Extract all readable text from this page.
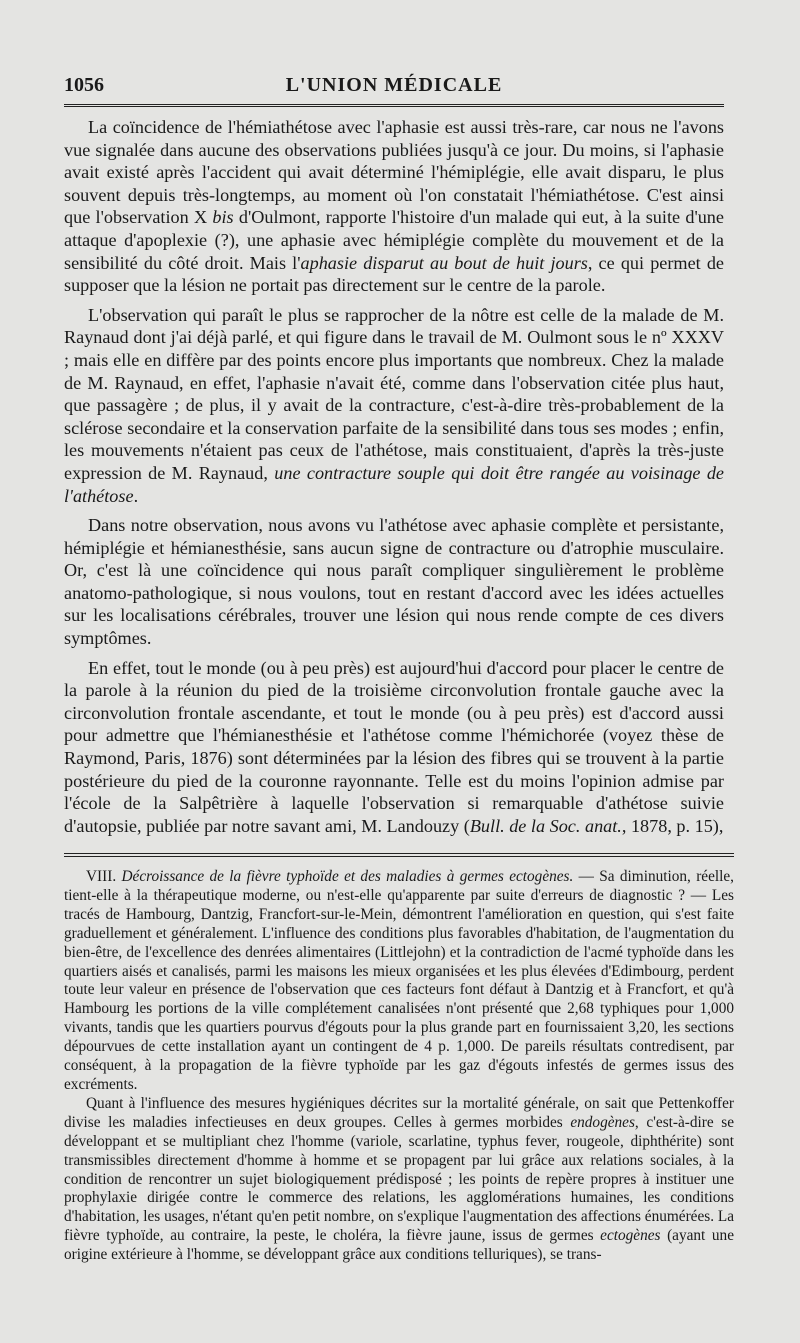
1056	L'UNION MÉDICALE

La coïncidence de l'hémiathétose avec l'aphasie est aussi très-rare, car nous ne l'avons vue signalée dans aucune des observations publiées jusqu'à ce jour. Du moins, si l'aphasie avait existé après l'accident qui avait déterminé l'hémiplégie, elle avait disparu, le plus souvent depuis très-longtemps, au moment où l'on constatait l'hémiathétose. C'est ainsi que l'observation X bis d'Oulmont, rapporte l'histoire d'un malade qui eut, à la suite d'une attaque d'apoplexie (?), une aphasie avec hémiplégie complète du mouvement et de la sensibilité du côté droit. Mais l'aphasie disparut au bout de huit jours, ce qui permet de supposer que la lésion ne portait pas directement sur le centre de la parole.

L'observation qui paraît le plus se rapprocher de la nôtre est celle de la malade de M. Raynaud dont j'ai déjà parlé, et qui figure dans le travail de M. Oulmont sous le nº XXXV ; mais elle en diffère par des points encore plus importants que nombreux. Chez la malade de M. Raynaud, en effet, l'aphasie n'avait été, comme dans l'observation citée plus haut, que passagère ; de plus, il y avait de la contracture, c'est-à-dire très-probablement de la sclérose secondaire et la conservation parfaite de la sensibilité dans tous ses modes ; enfin, les mouvements n'étaient pas ceux de l'athétose, mais constituaient, d'après la très-juste expression de M. Raynaud, une contracture souple qui doit être rangée au voisinage de l'athétose.

Dans notre observation, nous avons vu l'athétose avec aphasie complète et persistante, hémiplégie et hémianesthésie, sans aucun signe de contracture ou d'atrophie musculaire. Or, c'est là une coïncidence qui nous paraît compliquer singulièrement le problème anatomo-pathologique, si nous voulons, tout en restant d'accord avec les idées actuelles sur les localisations cérébrales, trouver une lésion qui nous rende compte de ces divers symptômes.

En effet, tout le monde (ou à peu près) est aujourd'hui d'accord pour placer le centre de la parole à la réunion du pied de la troisième circonvolution frontale gauche avec la circonvolution frontale ascendante, et tout le monde (ou à peu près) est d'accord aussi pour admettre que l'hémianesthésie et l'athétose comme l'hémichorée (voyez thèse de Raymond, Paris, 1876) sont déterminées par la lésion des fibres qui se trouvent à la partie postérieure du pied de la couronne rayonnante. Telle est du moins l'opinion admise par l'école de la Salpêtrière à laquelle l'observation si remarquable d'athétose suivie d'autopsie, publiée par notre savant ami, M. Landouzy (Bull. de la Soc. anat., 1878, p. 15),

VIII. Décroissance de la fièvre typhoïde et des maladies à germes ectogènes. — Sa diminution, réelle, tient-elle à la thérapeutique moderne, ou n'est-elle qu'apparente par suite d'erreurs de diagnostic ? — Les tracés de Hambourg, Dantzig, Francfort-sur-le-Mein, démontrent l'amélioration en question, qui s'est faite graduellement et généralement. L'influence des conditions plus favorables d'habitation, de l'augmentation du bien-être, de l'excellence des denrées alimentaires (Littlejohn) et la contradiction de l'acmé typhoïde dans les quartiers aisés et canalisés, parmi les maisons les mieux organisées et les plus élevées d'Edimbourg, perdent toute leur valeur en présence de l'observation que ces facteurs font défaut à Dantzig et à Francfort, et qu'à Hambourg les portions de la ville complétement canalisées n'ont présenté que 2,68 typhiques pour 1,000 vivants, tandis que les quartiers pourvus d'égouts pour la plus grande part en fournissaient 3,20, les sections dépourvues de cette installation ayant un contingent de 4 p. 1,000. De pareils résultats contredisent, par conséquent, à la propagation de la fièvre typhoïde par les gaz d'égouts infestés de germes issus des excréments.

Quant à l'influence des mesures hygiéniques décrites sur la mortalité générale, on sait que Pettenkoffer divise les maladies infectieuses en deux groupes. Celles à germes morbides endogènes, c'est-à-dire se développant et se multipliant chez l'homme (variole, scarlatine, typhus fever, rougeole, diphthérite) sont transmissibles directement d'homme à homme et se propagent par lui grâce aux relations sociales, à la condition de rencontrer un sujet biologiquement prédisposé ; les points de repère propres à instituer une prophylaxie dirigée contre le commerce des relations, les agglomérations humaines, les conditions d'habitation, les usages, n'étant qu'en petit nombre, on s'explique l'augmentation des affections énumérées. La fièvre typhoïde, au contraire, la peste, le choléra, la fièvre jaune, issus de germes ectogènes (ayant une origine extérieure à l'homme, se développant grâce aux conditions telluriques), se trans-
